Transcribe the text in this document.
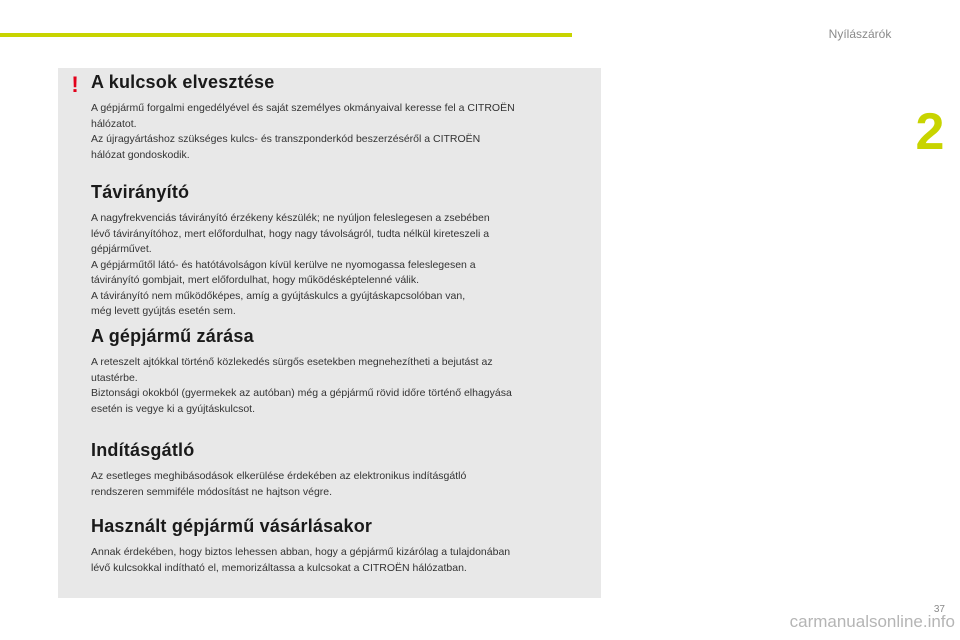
Nyílászárók
2
! A kulcsok elvesztése

A gépjármű forgalmi engedélyével és saját személyes okmányaival keresse fel a CITROËN
hálózatot.
Az újragyártáshoz szükséges kulcs- és transzponderkód beszerzéséről a CITROËN
hálózat gondoskodik.

Távirányító

A nagyfrekvenciás távirányító érzékeny készülék; ne nyúljon feleslegesen a zsebében
lévő távirányítóhoz, mert előfordulhat, hogy nagy távolságról, tudta nélkül kireteszeli a
gépjárművet.
A gépjárműtől látó- és hatótávolságon kívül kerülve ne nyomogassa feleslegesen a
távirányító gombjait, mert előfordulhat, hogy működésképtelenné válik.
A távirányító nem működőképes, amíg a gyújtáskulcs a gyújtáskapcsolóban van,
még levett gyújtás esetén sem.

A gépjármű zárása

A reteszelt ajtókkal történő közlekedés sürgős esetekben megnehezítheti a bejutást az
utastérbe.
Biztonsági okokból (gyermekek az autóban) még a gépjármű rövid időre történő elhagyása
esetén is vegye ki a gyújtáskulcsot.

Indításgátló

Az esetleges meghibásodások elkerülése érdekében az elektronikus indításgátló
rendszeren semmiféle módosítást ne hajtson végre.

Használt gépjármű vásárlásakor

Annak érdekében, hogy biztos lehessen abban, hogy a gépjármű kizárólag a tulajdonában
lévő kulcsokkal indítható el, memorizáltassa a kulcsokat a CITROËN hálózatban.

37
carmanualsonline.info
